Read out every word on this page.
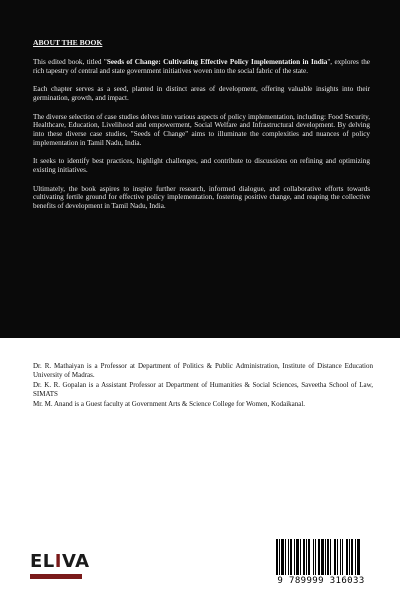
ABOUT THE BOOK

This edited book, titled "Seeds of Change: Cultivating Effective Policy Implementation in India", explores the rich tapestry of central and state government initiatives woven into the social fabric of the state.

Each chapter serves as a seed, planted in distinct areas of development, offering valuable insights into their germination, growth, and impact.

The diverse selection of case studies delves into various aspects of policy implementation, including: Food Security, Healthcare, Education, Livelihood and empowerment, Social Welfare and Infrastructural development. By delving into these diverse case studies, "Seeds of Change" aims to illuminate the complexities and nuances of policy implementation in Tamil Nadu, India.

It seeks to identify best practices, highlight challenges, and contribute to discussions on refining and optimizing existing initiatives.

Ultimately, the book aspires to inspire further research, informed dialogue, and collaborative efforts towards cultivating fertile ground for effective policy implementation, fostering positive change, and reaping the collective benefits of development in Tamil Nadu, India.

Dr. R. Mathaiyan is a Professor at Department of Politics & Public Administration, Institute of Distance Education University of Madras.

Dr. K. R. Gopalan is a Assistant Professor at Department of Humanities & Social Sciences, Saveetha School of Law, SIMATS

Mr. M. Anand is a Guest faculty at Government Arts & Science College for Women, Kodaikanal.

ELIVA
9 789999 316033
